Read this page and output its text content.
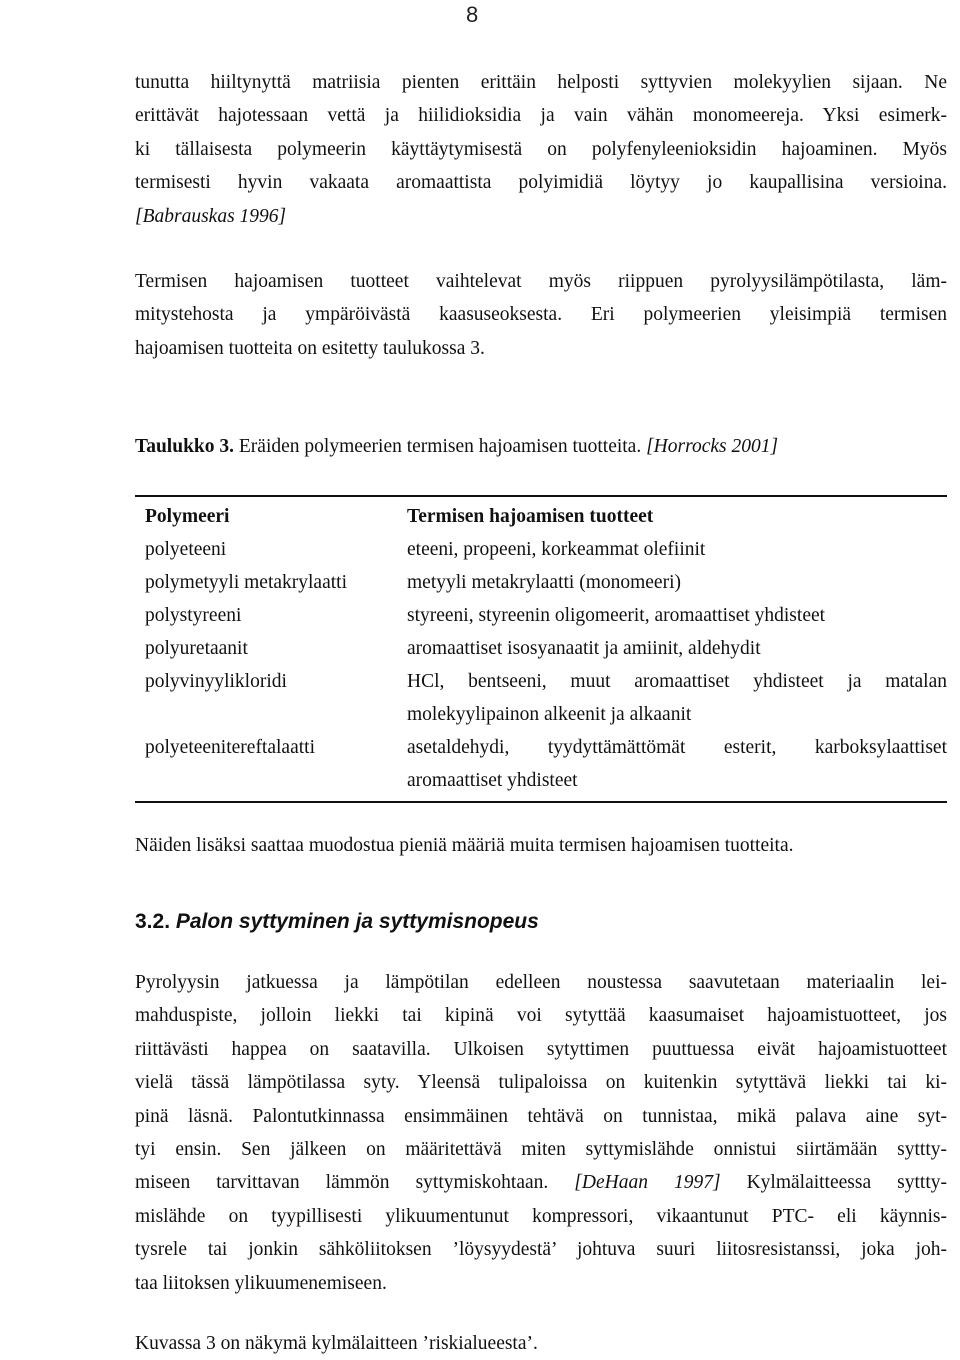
8
tunutta hiiltynyttä matriisia pienten erittäin helposti syttyvien molekyylien sijaan. Ne
erittävät hajotessaan vettä ja hiilidioksidia ja vain vähän monomeereja. Yksi esimerk-
ki tällaisesta polymeerin käyttäytymisestä on polyfenyleenioksidin hajoaminen. Myös
termisesti hyvin vakaata aromaattista polyimidiä löytyy jo kaupallisina versioina.
[Babrauskas 1996]
Termisen hajoamisen tuotteet vaihtelevat myös riippuen pyrolyysilämpötilasta, läm-
mitystehosta ja ympäröivästä kaasuseoksesta. Eri polymeerien yleisimpiä termisen
hajoamisen tuotteita on esitetty taulukossa 3.

Taulukko 3. Eräiden polymeerien termisen hajoamisen tuotteita. [Horrocks 2001]

Polymeeri	Termisen hajoamisen tuotteet
polyeteeni	eteeni, propeeni, korkeammat olefiinit

polymetyyli metakrylaatti	metyyli metakrylaatti (monomeeri)

polystyreeni	styreeni, styreenin oligomeerit, aromaattiset yhdisteet

polyuretaanit	aromaattiset isosyanaatit ja amiinit, aldehydit

polyvinyylikloridi	HCl, bentseeni, muut aromaattiset yhdisteet ja matalan
molekyylipainon alkeenit ja alkaanit

polyeteenitereftalaatti	asetaldehydi, tyydyttämättömät esterit, karboksylaattiset
aromaattiset yhdisteet
Näiden lisäksi saattaa muodostua pieniä määriä muita termisen hajoamisen tuotteita.
3.2. Palon syttyminen ja syttymisnopeus
Pyrolyysin jatkuessa ja lämpötilan edelleen noustessa saavutetaan materiaalin lei-
mahduspiste, jolloin liekki tai kipinä voi sytyttää kaasumaiset hajoamistuotteet, jos
riittävästi happea on saatavilla. Ulkoisen sytyttimen puuttuessa eivät hajoamistuotteet
vielä tässä lämpötilassa syty. Yleensä tulipaloissa on kuitenkin sytyttävä liekki tai ki-
pinä läsnä. Palontutkinnassa ensimmäinen tehtävä on tunnistaa, mikä palava aine syt-
tyi ensin. Sen jälkeen on määritettävä miten syttymislähde onnistui siirtämään syttty-
miseen tarvittavan lämmön syttymiskohtaan. [DeHaan 1997] Kylmälaitteessa syttty-
mislähde on tyypillisesti ylikuumentunut kompressori, vikaantunut PTC- eli käynnis-
tysrele tai jonkin sähköliitoksen ’löysyydestä’ johtuva suuri liitosresistanssi, joka joh-
taa liitoksen ylikuumenemiseen.
Kuvassa 3 on näkymä kylmälaitteen ’riskialueesta’.
